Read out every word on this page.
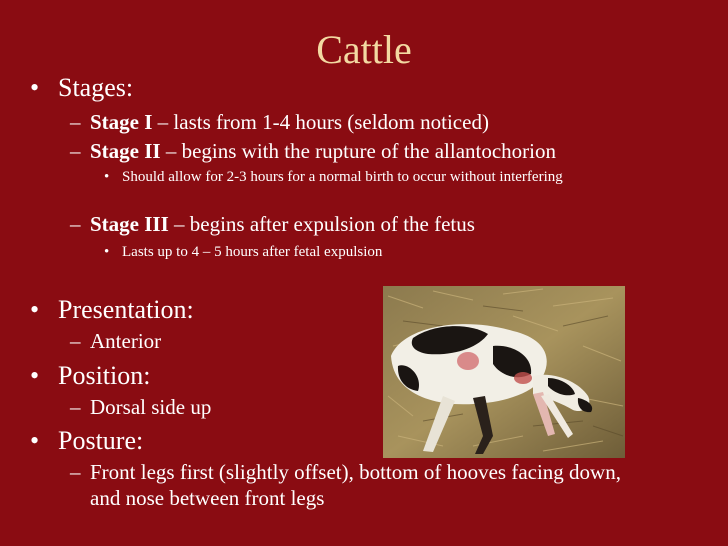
Cattle
• Stages:
– Stage I – lasts from 1-4 hours (seldom noticed)
– Stage II – begins with the rupture of the allantochorion
• Should allow for 2-3 hours for a normal birth to occur without interfering
– Stage III – begins after expulsion of the fetus
• Lasts up to 4 – 5 hours after fetal expulsion
• Presentation:
– Anterior
• Position:
– Dorsal side up
• Posture:
– Front legs first (slightly offset), bottom of hooves facing down, and nose between front legs
